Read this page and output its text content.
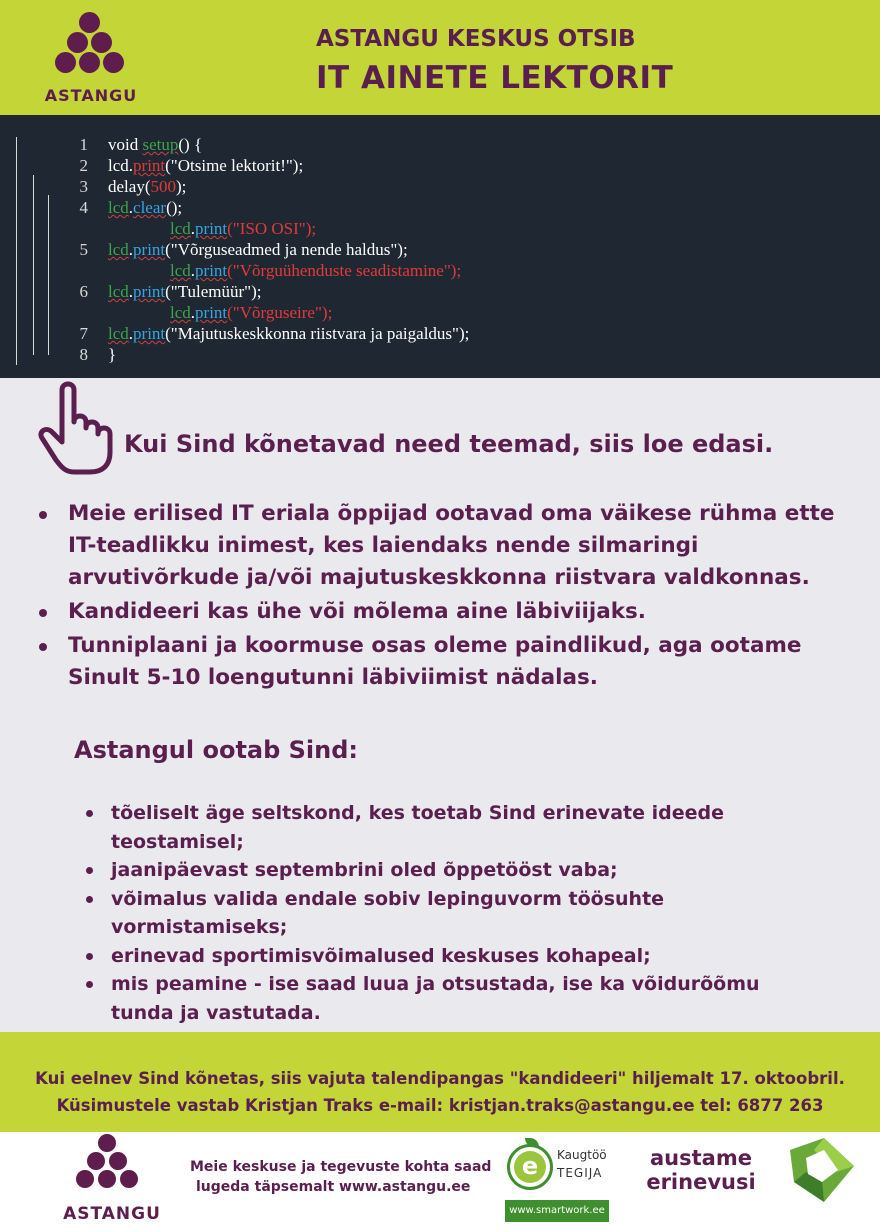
ASTANGU
ASTANGU KESKUS OTSIB
IT AINETE LEKTORIT
1 void setup() {
2 lcd.print("Otsime lektorit!");
3 delay(500);
4 lcd.clear();
lcd.print("ISO OSI");
5 lcd.print("Võrguseadmed ja nende haldus");
lcd.print("Võrguühenduste seadistamine");
6 lcd.print("Tulemüür");
lcd.print("Võrguseire");
7 lcd.print("Majutuskeskkonna riistvara ja paigaldus");
8 }
Kui Sind kõnetavad need teemad, siis loe edasi.
Meie erilised IT eriala õppijad ootavad oma väikese rühma ette IT-teadlikku inimest, kes laiendaks nende silmaringi arvutivõrkude ja/või majutuskeskkonna riistvara valdkonnas.
Kandideeri kas ühe või mõlema aine läbiviijaks.
Tunniplaani ja koormuse osas oleme paindlikud, aga ootame Sinult 5-10 loengutunni läbiviimist nädalas.
Astangul ootab Sind:
tõeliselt äge seltskond, kes toetab Sind erinevate ideede teostamisel;
jaanipäevast septembrini oled õppetööst vaba;
võimalus valida endale sobiv lepinguvorm töösuhte vormistamiseks;
erinevad sportimisvõimalused keskuses kohapeal;
mis peamine - ise saad luua ja otsustada, ise ka võidurõõmu tunda ja vastutada.
Kui eelnev Sind kõnetas, siis vajuta talendipangas "kandideeri" hiljemalt 17. oktoobril.
Küsimustele vastab Kristjan Traks e-mail: kristjan.traks@astangu.ee tel: 6877 263
ASTANGU
Meie keskuse ja tegevuste kohta saad
lugeda täpsemalt www.astangu.ee
e	Kaugtöö
TEGIJA
www.smartwork.ee
austame
erinevusi
